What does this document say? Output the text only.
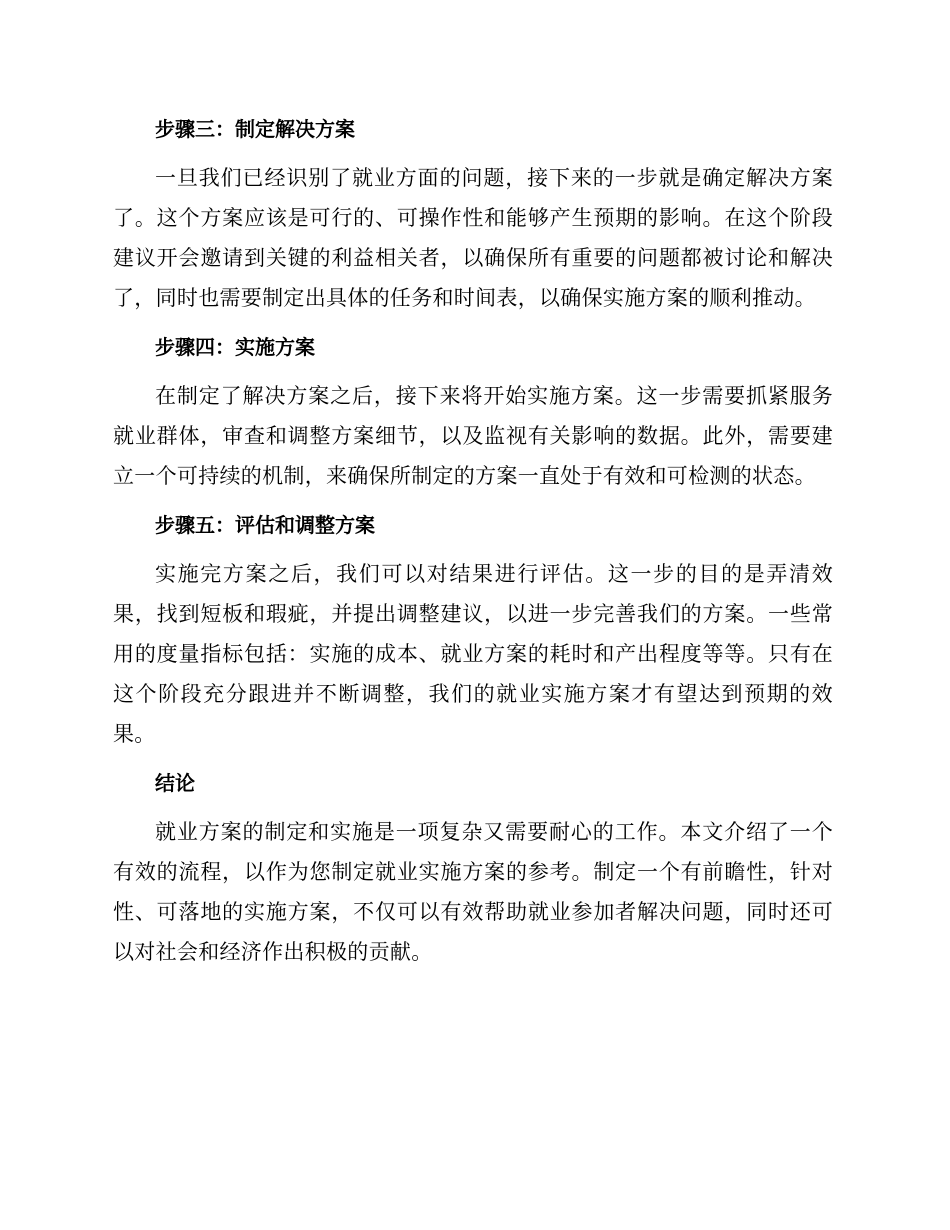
步骤三：制定解决方案

一旦我们已经识别了就业方面的问题，接下来的一步就是确定解决方案了。这个方案应该是可行的、可操作性和能够产生预期的影响。在这个阶段建议开会邀请到关键的利益相关者，以确保所有重要的问题都被讨论和解决了，同时也需要制定出具体的任务和时间表，以确保实施方案的顺利推动。

步骤四：实施方案

在制定了解决方案之后，接下来将开始实施方案。这一步需要抓紧服务就业群体，审查和调整方案细节，以及监视有关影响的数据。此外，需要建立一个可持续的机制，来确保所制定的方案一直处于有效和可检测的状态。

步骤五：评估和调整方案

实施完方案之后，我们可以对结果进行评估。这一步的目的是弄清效果，找到短板和瑕疵，并提出调整建议，以进一步完善我们的方案。一些常用的度量指标包括：实施的成本、就业方案的耗时和产出程度等等。只有在这个阶段充分跟进并不断调整，我们的就业实施方案才有望达到预期的效果。

结论

就业方案的制定和实施是一项复杂又需要耐心的工作。本文介绍了一个有效的流程，以作为您制定就业实施方案的参考。制定一个有前瞻性，针对性、可落地的实施方案，不仅可以有效帮助就业参加者解决问题，同时还可以对社会和经济作出积极的贡献。
